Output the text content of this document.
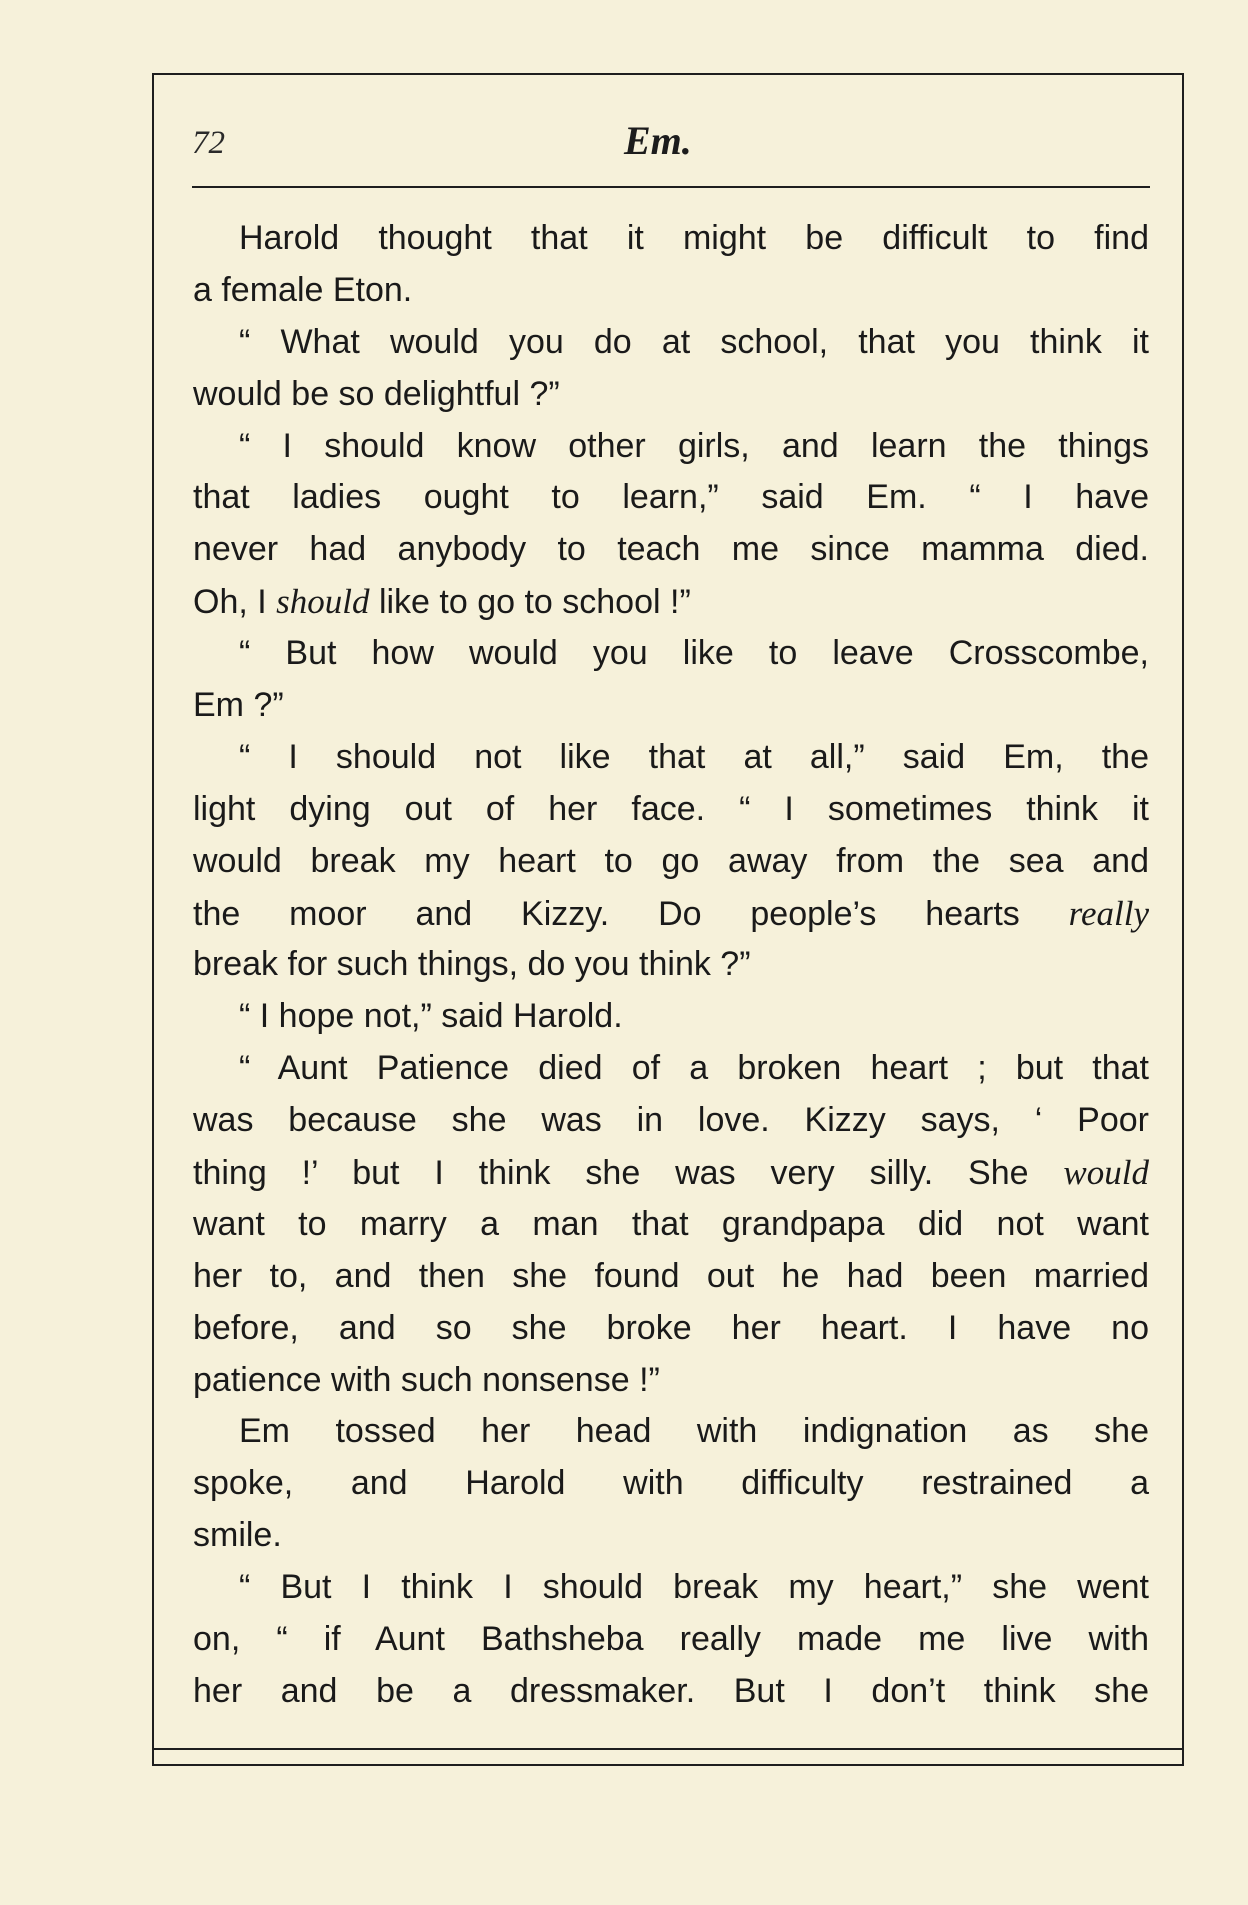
72	Em.
Harold thought that it might be difficult to find
a female Eton.
“ What would you do at school, that you think it
would be so delightful ?”
“ I should know other girls, and learn the things
that ladies ought to learn,” said Em. “ I have
never had anybody to teach me since mamma died.
Oh, I should like to go to school !”
“ But how would you like to leave Crosscombe,
Em ?”
“ I should not like that at all,” said Em, the
light dying out of her face. “ I sometimes think it
would break my heart to go away from the sea and
the moor and Kizzy. Do people’s hearts really
break for such things, do you think ?”
“ I hope not,” said Harold.
“ Aunt Patience died of a broken heart ; but that
was because she was in love. Kizzy says, ‘ Poor
thing !’ but I think she was very silly. She would
want to marry a man that grandpapa did not want
her to, and then she found out he had been married
before, and so she broke her heart. I have no
patience with such nonsense !”
Em tossed her head with indignation as she
spoke, and Harold with difficulty restrained a
smile.
“ But I think I should break my heart,” she went
on, “ if Aunt Bathsheba really made me live with
her and be a dressmaker. But I don’t think she
